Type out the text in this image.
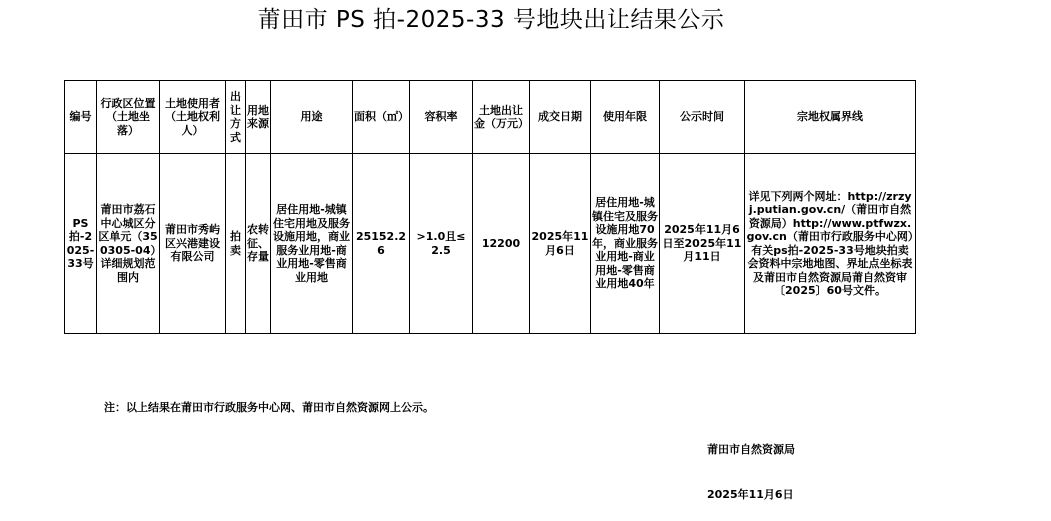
莆田市 PS 拍-2025-33 号地块出让结果公示
编号	行政区位置（土地坐落）	土地使用者（土地权利人）	出让方式	用地来源	用途	面积（㎡）	容积率	土地出让金（万元）	成交日期	使用年限	公示时间	宗地权属界线
PS拍-2025-33号	莆田市荔石中心城区分区单元（350305-04）详细规划范围内	莆田市秀屿区兴港建设有限公司	拍卖	农转征、存量	居住用地-城镇住宅用地及服务设施用地，商业服务业用地-商业用地-零售商业用地	25152.26	>1.0且≤2.5	12200	2025年11月6日	居住用地-城镇住宅及服务设施用地70年，商业服务业用地-商业用地-零售商业用地40年	2025年11月6日至2025年11月11日	详见下列两个网址：http://zrzyj.putian.gov.cn/（莆田市自然资源局）http://www.ptfwzx.gov.cn（莆田市行政服务中心网）有关ps拍-2025-33号地块拍卖会资料中宗地地图、界址点坐标表及莆田市自然资源局莆自然资审〔2025〕60号文件。
注：以上结果在莆田市行政服务中心网、莆田市自然资源网上公示。
莆田市自然资源局
2025年11月6日
